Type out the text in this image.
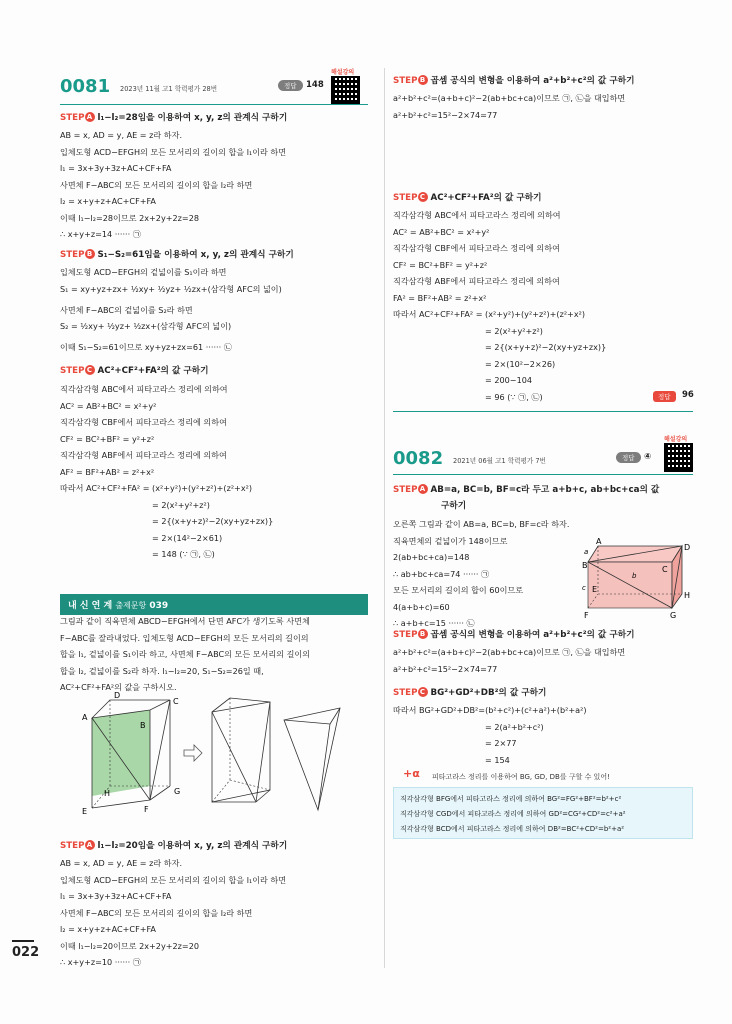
0081 2023년 11월 고1 학력평가 28번	정답	148
해설강의
STEP A l₁−l₂=28임을 이용하여 x, y, z의 관계식 구하기
AB = x, AD = y, AE = z라 하자.
입체도형 ACD−EFGH의 모든 모서리의 길이의 합을 l₁이라 하면
l₁ = 3x+3y+3z+AC+CF+FA
사면체 F−ABC의 모든 모서리의 길이의 합을 l₂라 하면
l₂ = x+y+z+AC+CF+FA
이때 l₁−l₂=28이므로 2x+2y+2z=28
∴ x+y+z=14 ······ ㉠
STEP B S₁−S₂=61임을 이용하여 x, y, z의 관계식 구하기
입체도형 ACD−EFGH의 겉넓이를 S₁이라 하면
S₁ = xy+yz+zx+ ½xy+ ½yz+ ½zx+(삼각형 AFC의 넓이)
사면체 F−ABC의 겉넓이를 S₂라 하면
S₂ = ½xy+ ½yz+ ½zx+(삼각형 AFC의 넓이)
이때 S₁−S₂=61이므로 xy+yz+zx=61 ······ ㉡
STEP C AC²+CF²+FA²의 값 구하기
직각삼각형 ABC에서 피타고라스 정리에 의하여
AC² = AB²+BC² = x²+y²
직각삼각형 CBF에서 피타고라스 정리에 의하여
CF² = BC²+BF² = y²+z²
직각삼각형 ABF에서 피타고라스 정리에 의하여
AF² = BF²+AB² = z²+x²
따라서 AC²+CF²+FA² = (x²+y²)+(y²+z²)+(z²+x²)
= 2(x²+y²+z²)
= 2{(x+y+z)²−2(xy+yz+zx)}
= 2×(14²−2×61)
= 148 (∵ ㉠, ㉡)
내 신 연 계 출제문항 039
그림과 같이 직육면체 ABCD−EFGH에서 단면 AFC가 생기도록 사면체
F−ABC를 잘라내었다. 입체도형 ACD−EFGH의 모든 모서리의 길이의
합을 l₁, 겉넓이를 S₁이라 하고, 사면체 F−ABC의 모든 모서리의 길이의
합을 l₂, 겉넓이를 S₂라 하자. l₁−l₂=20, S₁−S₂=26일 때,
AC²+CF²+FA²의 값을 구하시오.
D
A
C
B
H
E	F
G
STEP A l₁−l₂=20임을 이용하여 x, y, z의 관계식 구하기
AB = x, AD = y, AE = z라 하자.
입체도형 ACD−EFGH의 모든 모서리의 길이의 합을 l₁이라 하면
l₁ = 3x+3y+3z+AC+CF+FA
사면체 F−ABC의 모든 모서리의 길이의 합을 l₂라 하면
l₂ = x+y+z+AC+CF+FA
이때 l₁−l₂=20이므로 2x+2y+2z=20
∴ x+y+z=10 ······ ㉠
022
STEP B 곱셈 공식의 변형을 이용하여 a²+b²+c²의 값 구하기
a²+b²+c²=(a+b+c)²−2(ab+bc+ca)이므로 ㉠, ㉡을 대입하면
a²+b²+c²=15²−2×74=77
STEP C AC²+CF²+FA²의 값 구하기
직각삼각형 ABC에서 피타고라스 정리에 의하여
AC² = AB²+BC² = x²+y²
직각삼각형 CBF에서 피타고라스 정리에 의하여
CF² = BC²+BF² = y²+z²
직각삼각형 ABF에서 피타고라스 정리에 의하여
FA² = BF²+AB² = z²+x²
따라서 AC²+CF²+FA² = (x²+y²)+(y²+z²)+(z²+x²)
= 2(x²+y²+z²)
= 2{(x+y+z)²−2(xy+yz+zx)}
= 2×(10²−2×26)
= 200−104
= 96 (∵ ㉠, ㉡)	정답	96
0082 2021년 06월 고1 학력평가 7번	정답	④
해설강의
STEP A AB=a, BC=b, BF=c라 두고 a+b+c, ab+bc+ca의 값
구하기
오른쪽 그림과 같이 AB=a, BC=b, BF=c라 하자.
직육면체의 겉넓이가 148이므로
2(ab+bc+ca)=148
∴ ab+bc+ca=74 ······ ㉠
모든 모서리의 길이의 합이 60이므로
4(a+b+c)=60
∴ a+b+c=15 ······ ㉡
A
D
B	C
E
H
F	G
a
b
c
STEP B 곱셈 공식의 변형을 이용하여 a²+b²+c²의 값 구하기
a²+b²+c²=(a+b+c)²−2(ab+bc+ca)이므로 ㉠, ㉡을 대입하면
a²+b²+c²=15²−2×74=77
STEP C BG²+GD²+DB²의 값 구하기
따라서 BG²+GD²+DB²=(b²+c²)+(c²+a²)+(b²+a²)
= 2(a²+b²+c²)
= 2×77
= 154
+α 피타고라스 정리를 이용하여 BG, GD, DB를 구할 수 있어!
직각삼각형 BFG에서 피타고라스 정리에 의하여 BG²=FG²+BF²=b²+c²
직각삼각형 CGD에서 피타고라스 정리에 의하여 GD²=CG²+CD²=c²+a²
직각삼각형 BCD에서 피타고라스 정리에 의하여 DB²=BC²+CD²=b²+a²
